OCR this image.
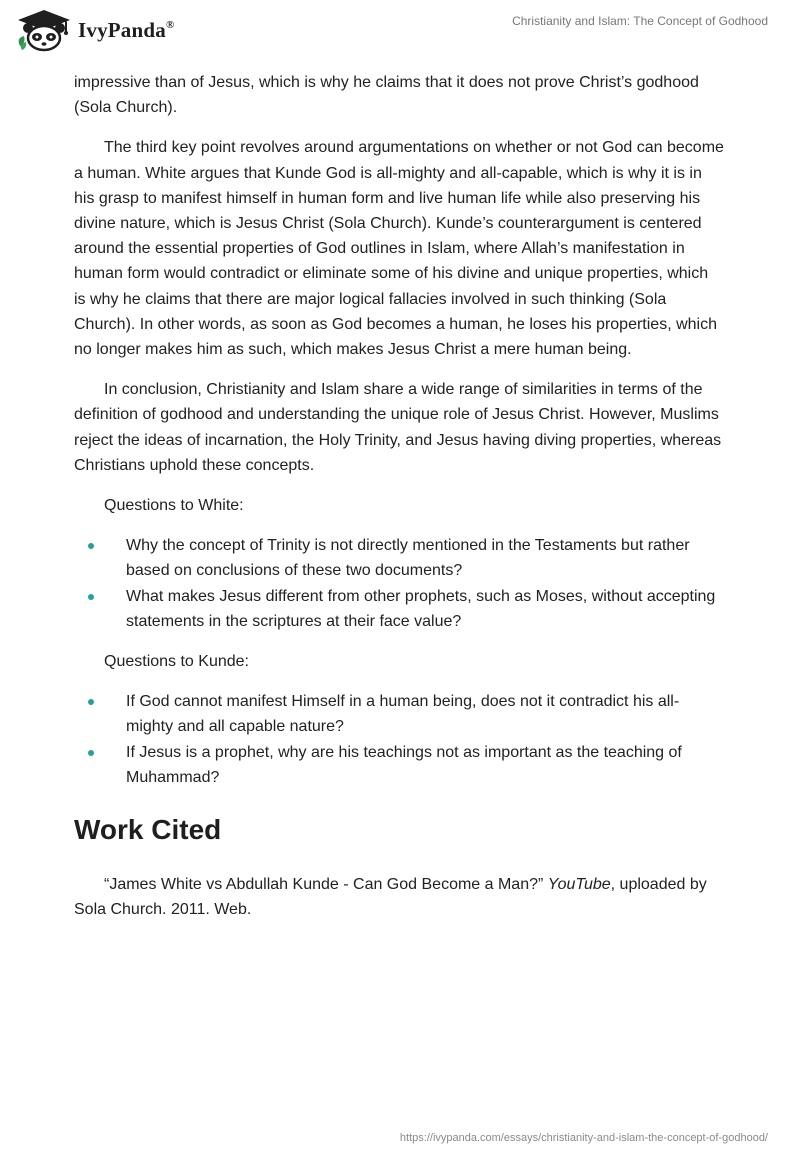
IvyPanda®	Christianity and Islam: The Concept of Godhood

impressive than of Jesus, which is why he claims that it does not prove Christ’s godhood (Sola Church).

The third key point revolves around argumentations on whether or not God can become a human. White argues that Kunde God is all-mighty and all-capable, which is why it is in his grasp to manifest himself in human form and live human life while also preserving his divine nature, which is Jesus Christ (Sola Church). Kunde’s counterargument is centered around the essential properties of God outlines in Islam, where Allah’s manifestation in human form would contradict or eliminate some of his divine and unique properties, which is why he claims that there are major logical fallacies involved in such thinking (Sola Church). In other words, as soon as God becomes a human, he loses his properties, which no longer makes him as such, which makes Jesus Christ a mere human being.

In conclusion, Christianity and Islam share a wide range of similarities in terms of the definition of godhood and understanding the unique role of Jesus Christ. However, Muslims reject the ideas of incarnation, the Holy Trinity, and Jesus having diving properties, whereas Christians uphold these concepts.

Questions to White:

Why the concept of Trinity is not directly mentioned in the Testaments but rather based on conclusions of these two documents?
What makes Jesus different from other prophets, such as Moses, without accepting statements in the scriptures at their face value?

Questions to Kunde:

If God cannot manifest Himself in a human being, does not it contradict his all-mighty and all capable nature?
If Jesus is a prophet, why are his teachings not as important as the teaching of Muhammad?
Work Cited

“James White vs Abdullah Kunde - Can God Become a Man?” YouTube, uploaded by Sola Church. 2011. Web.

https://ivypanda.com/essays/christianity-and-islam-the-concept-of-godhood/
